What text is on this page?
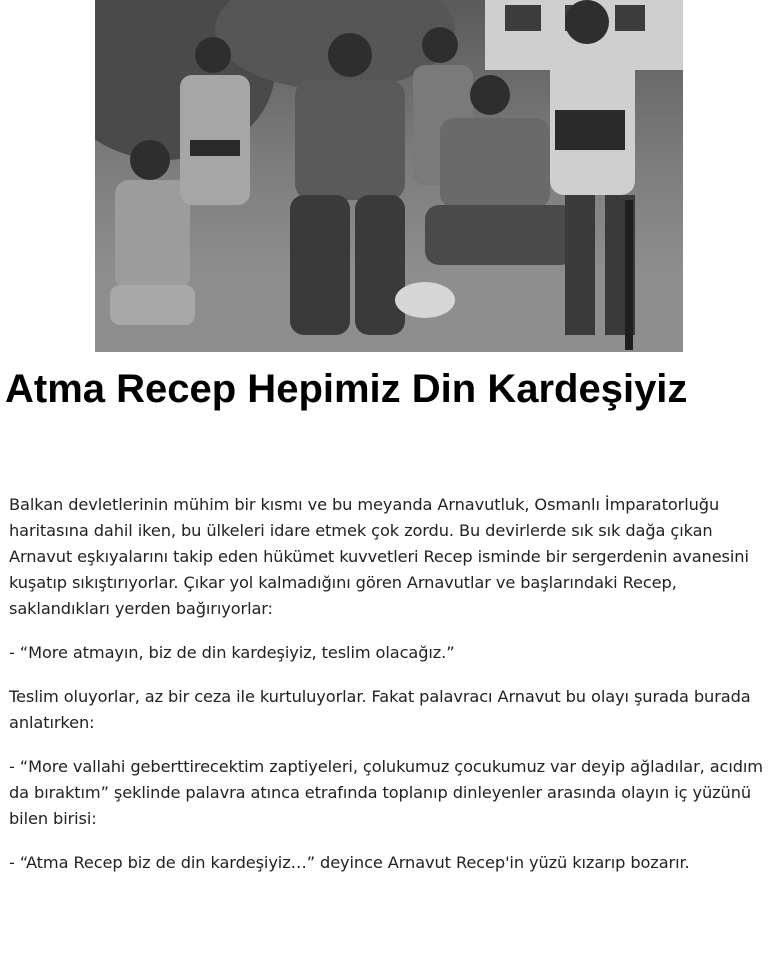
Atma Recep Hepimiz Din Kardeşiyiz

Balkan devletlerinin mühim bir kısmı ve bu meyanda Arnavutluk, Osmanlı İmparatorluğu haritasına dahil iken, bu ülkeleri idare etmek çok zordu. Bu devirlerde sık sık dağa çıkan Arnavut eşkıyalarını takip eden hükümet kuvvetleri Recep isminde bir sergerdenin avanesini kuşatıp sıkıştırıyorlar. Çıkar yol kalmadığını gören Arnavutlar ve başlarındaki Recep, saklandıkları yerden bağırıyorlar:

- “More atmayın, biz de din kardeşiyiz, teslim olacağız.”

Teslim oluyorlar, az bir ceza ile kurtuluyorlar. Fakat palavracı Arnavut bu olayı şurada burada anlatırken:

- “More vallahi geberttirecektim zaptiyeleri, çolukumuz çocukumuz var deyip ağladılar, acıdım da bıraktım” şeklinde palavra atınca etrafında toplanıp dinleyenler arasında olayın iç yüzünü bilen birisi:

- “Atma Recep biz de din kardeşiyiz…” deyince Arnavut Recep'in yüzü kızarıp bozarır.
